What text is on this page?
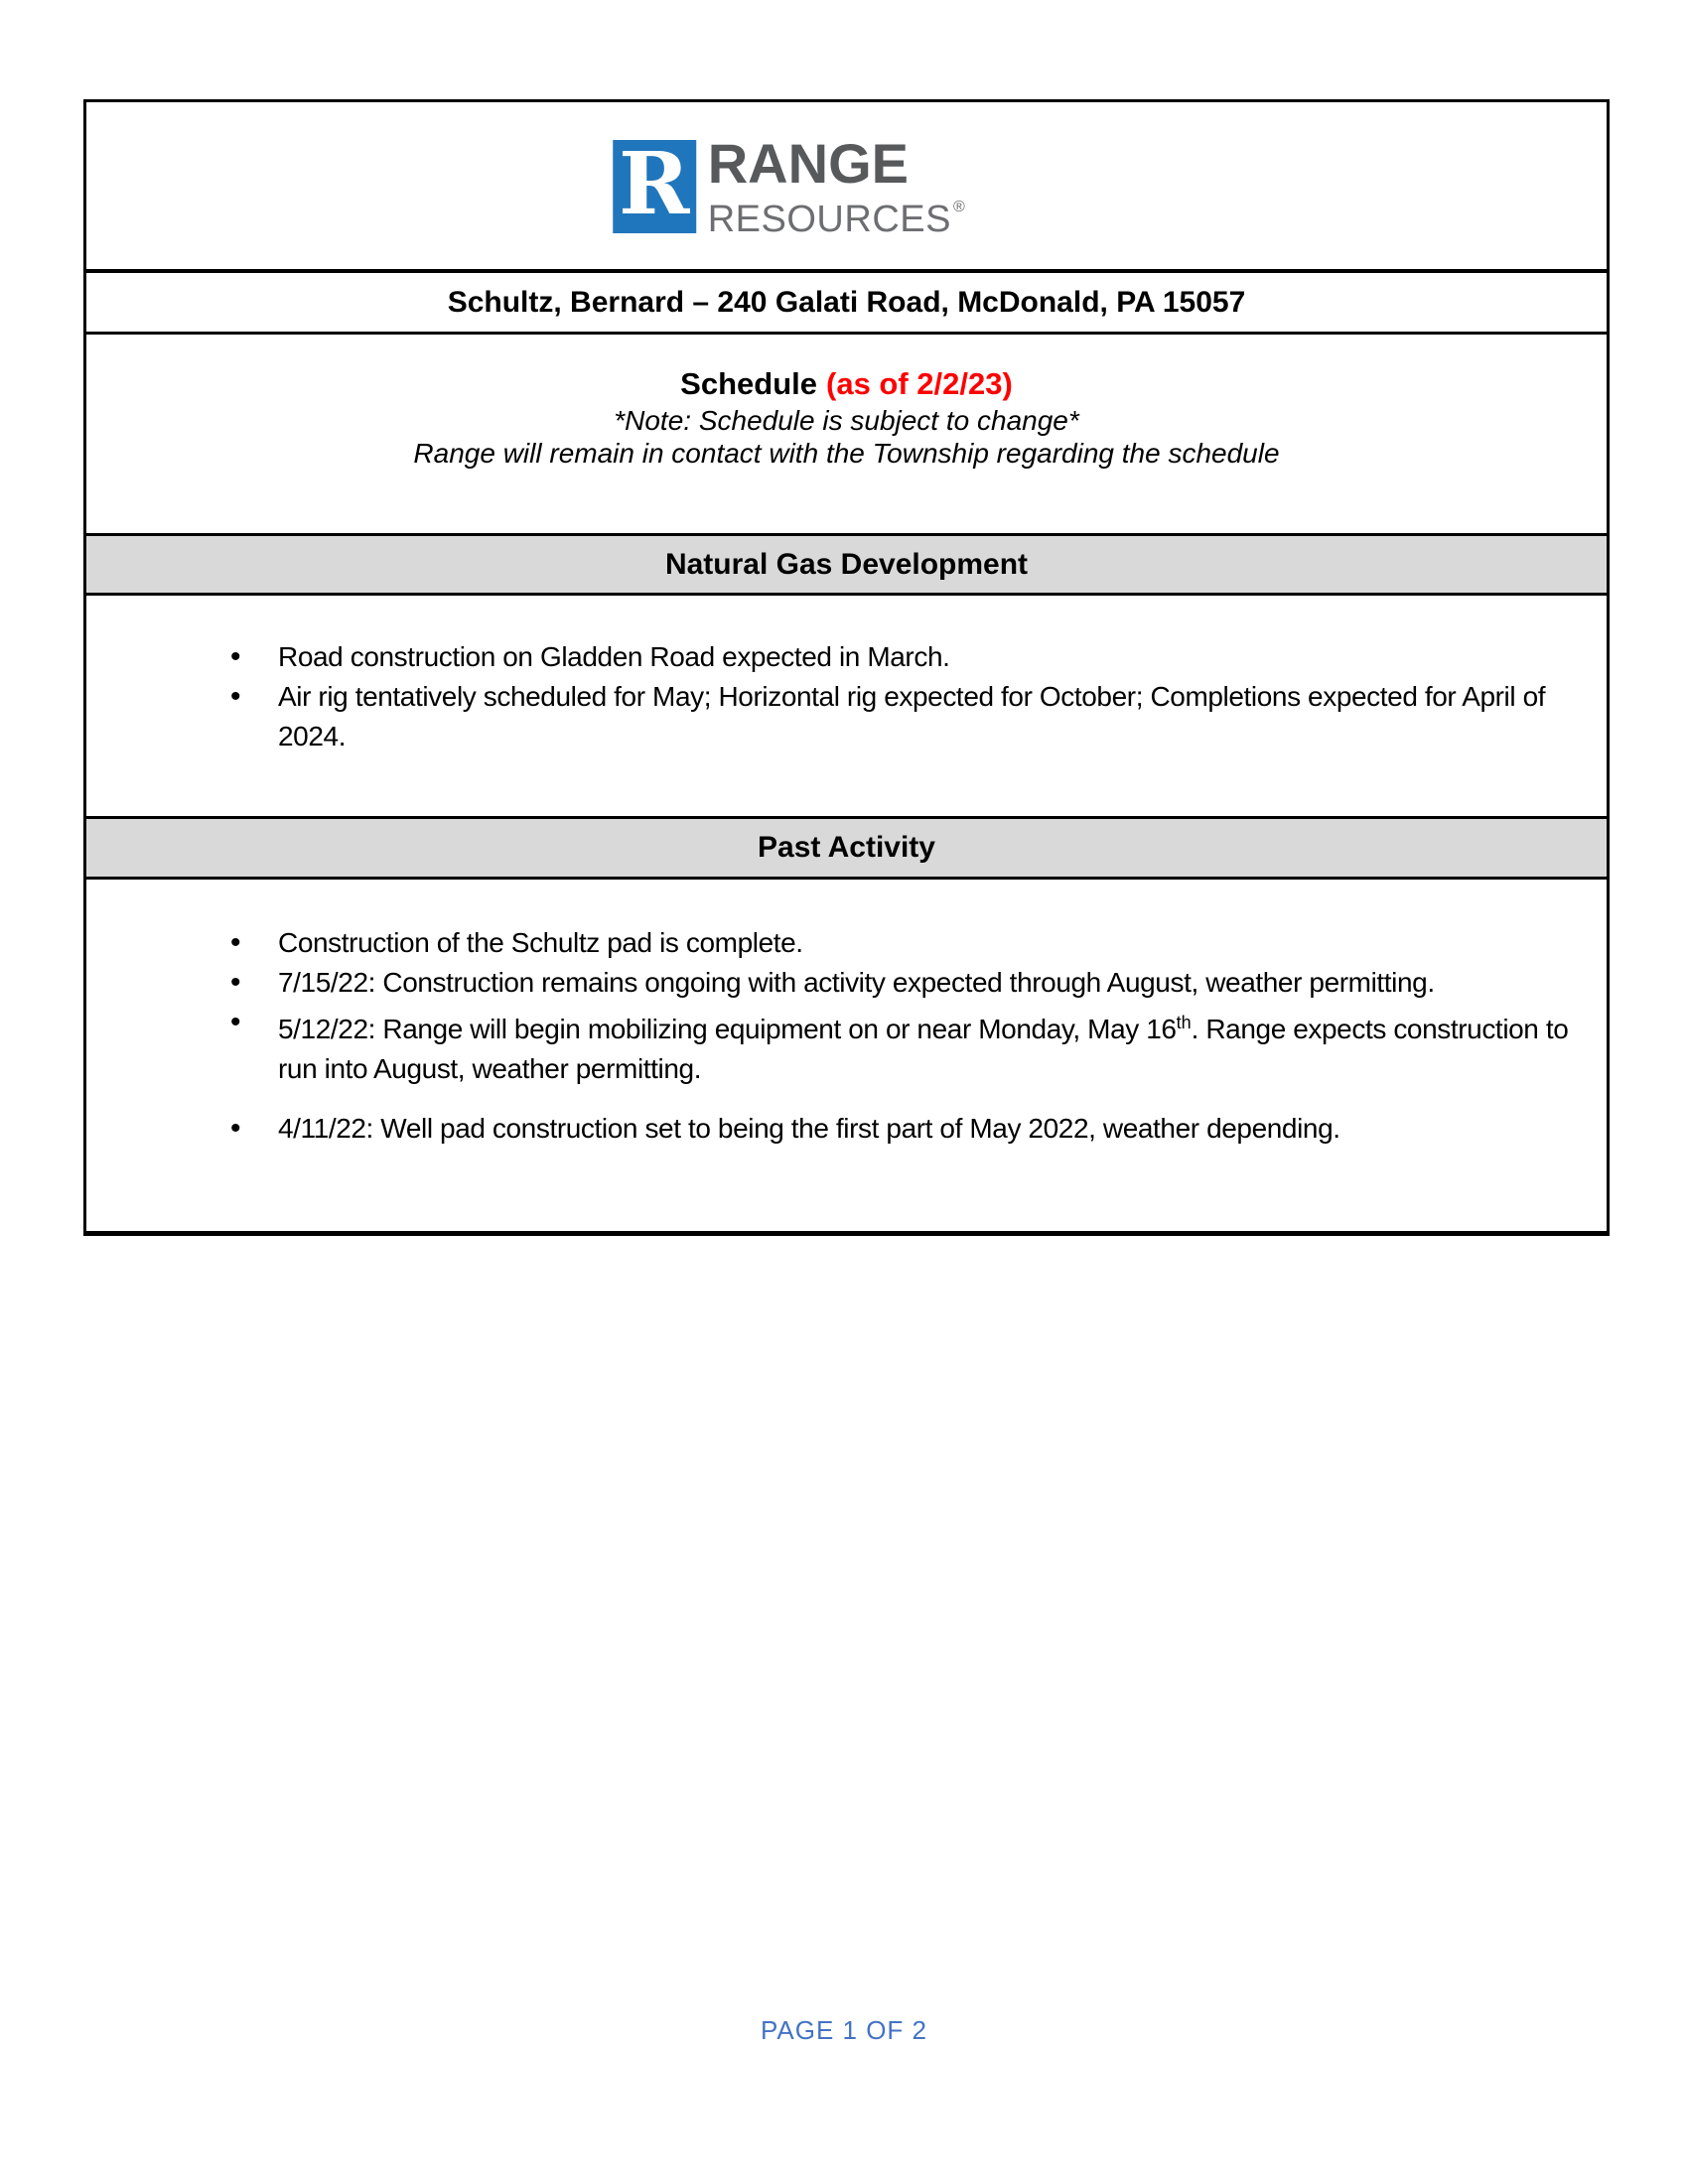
R RANGE
RESOURCES ®
Schultz, Bernard – 240 Galati Road, McDonald, PA 15057
Schedule (as of 2/2/23)
*Note: Schedule is subject to change*
Range will remain in contact with the Township regarding the schedule
Natural Gas Development
• Road construction on Gladden Road expected in March.
• Air rig tentatively scheduled for May; Horizontal rig expected for October; Completions expected for April of 2024.
Past Activity
• Construction of the Schultz pad is complete.
• 7/15/22: Construction remains ongoing with activity expected through August, weather permitting.
• 5/12/22: Range will begin mobilizing equipment on or near Monday, May 16th. Range expects construction to run into August, weather permitting.
• 4/11/22: Well pad construction set to being the first part of May 2022, weather depending.
PAGE 1 OF 2
